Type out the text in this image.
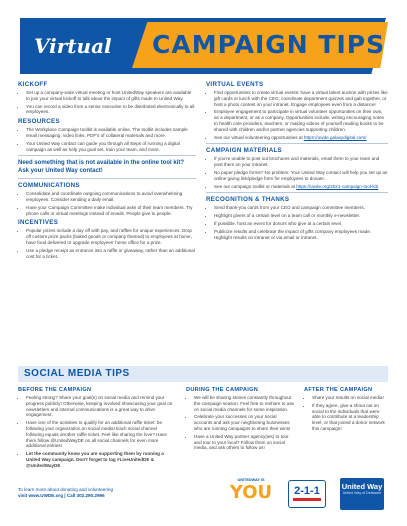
Virtual	CAMPAIGN TIPS
KICKOFF
• Set up a company-wide virtual meeting or host UnitedWay speakers are available to join your virtual kickoff to talk about the impact of gifts made to United Way.
• You can record a video from a senior executive to be distributed electronically to all employees.
RESOURCES
• The Workplace Campaign toolkit is available online. The toolkit includes sample email messaging, video links, PDF's of collateral materials and more.
• Your United Way contact can guide you through all steps of running a digital campaign as well as help you goal set, train your team, and more.
Need something that is not available in the online tool kit? Ask your United Way contact!
COMMUNICATIONS
• Consolidate and coordinate outgoing communications to avoid overwhelming employees. Consider sending a daily email.
• Have your Campaign Committee make individual asks of their team members. Try phone calls or virtual meetings instead of emails. People give to people.
INCENTIVES
• Popular prizes include a day off with pay, and raffles for unique experiences. Drop off custom prize packs (baked goods or company themed) to employees at home, have food delivered or upgrade employees' home office for a prize.
• Use a pledge receipt as entrance into a raffle or giveaway, rather than an additional cost for a ticket.
VIRTUAL EVENTS
• Find opportunities to create virtual events: have a virtual talent auction with prizes like gift cards or lunch with the CEO, coordinate department quizzes and gab together, or host a photo contest on your intranet. Engage employees even from a distance!
• Employee engagement to participate in virtual volunteer opportunities on their own, as a department, or as a company. Opportunities include, writing encouraging notes to health care providers, teachers, or making videos of yourself reading books to be shared with children and/or partner agencies supporting children.
• See our virtual volunteering opportunities at https://uwde.galaxydigital.com/
CAMPAIGN MATERIALS
• If you're unable to post out brochures and materials, email them to your team and post them on your intranet.
• No paper pledge forms? No problem. Your United Way contact will help you set up an online giving link/pledge form for employees to donate.
• See our campaign toolkit or materials at https://uwde.org/2021-campaign-tool-kit/
RECOGNITION & THANKS
• Send thank-you cards from your CEO and campaign committee members.
• Highlight givers of a certain level on a team call or monthly e-newsletter.
• If possible, host an event for donors who give at a certain level.
• Publicize results and celebrate the impact of gifts company employees made. Highlight results on intranet or via email or intranet.
SOCIAL MEDIA TIPS
BEFORE THE CAMPAIGN
• Feeling strong? Share your goal(s) on social media and remind your progress publicly! Otherwise, keeping involved showcasing your goal on newsletters and internal communications is a great way to drive engagement.
• Have one of the activities to qualify for an additional raffle ticket: be following your organization on social media! Each social channel following equals another raffle ticket. Feel like sharing the love? Have them follow @UnitedWayDE on all social channels for even more additional entries!
• Let the community know you are supporting them by running a United Way campaign. Don't forget to tag #LiveUnitedDE & @UnitedWayDE
DURING THE CAMPAIGN
• We will be sharing stories constantly throughout the campaign season. Feel free to reshare to use on social media channels for some inspiration.
• Celebrate your successes on your social accounts and ask your neighboring businesses who are running campaigns to share their wins!
• Have a United Way partner agency(ies) to tour and tour to your local? Follow them on social media, and ask others to follow us!
AFTER THE CAMPAIGN
• Share your results on social media!
• If they agree, give a shout out on social to the individuals that were able to contribute at a leadership level, or that joined a donor network this campaign!
To learn more about donating and volunteering
visit www.UWDE.org | Call 302.290.2996
UNITEDWAY IS
YOU	2-1-1	United Way
United Way of Delaware
